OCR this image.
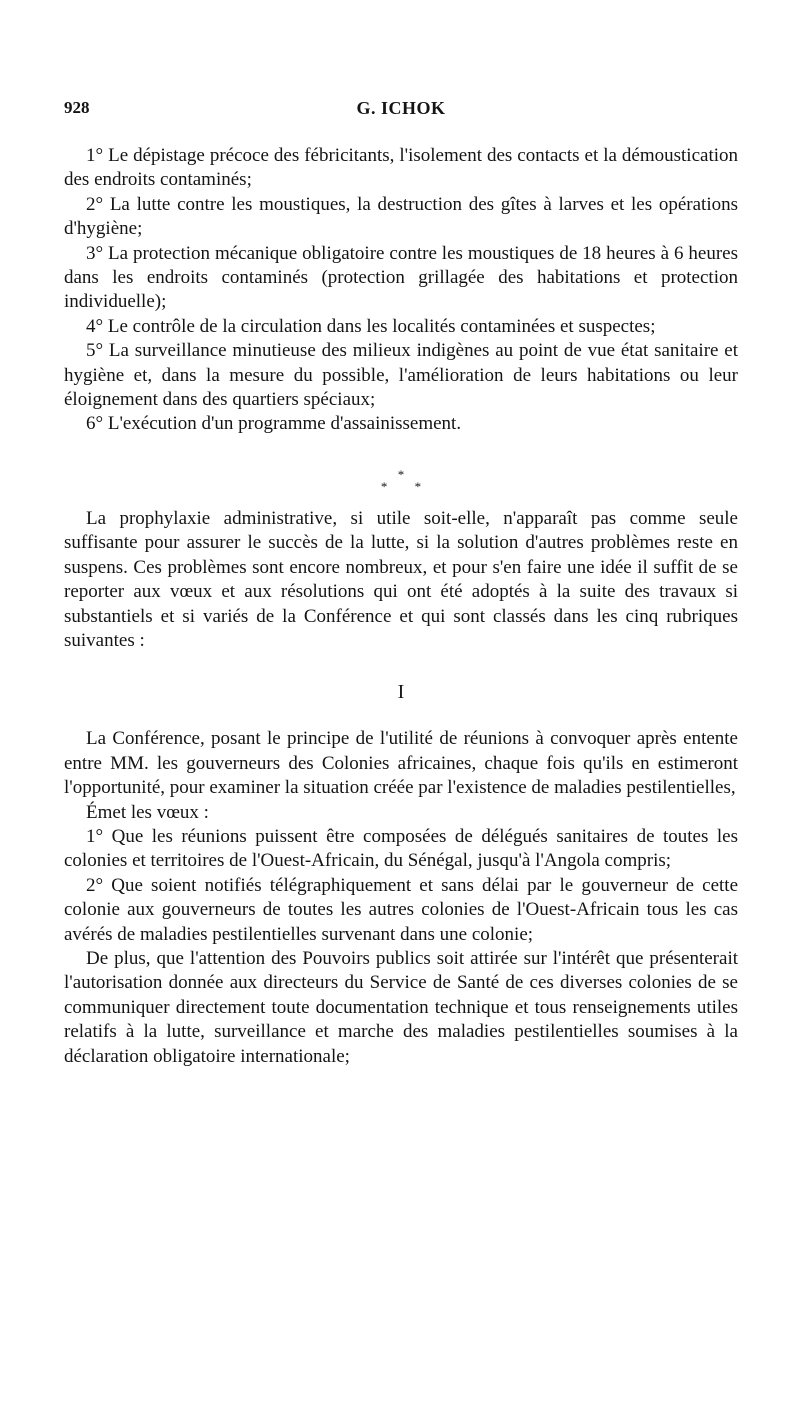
928	G. ICHOK

1° Le dépistage précoce des fébricitants, l'isolement des contacts et la démoustication des endroits contaminés;

2° La lutte contre les moustiques, la destruction des gîtes à larves et les opérations d'hygiène;

3° La protection mécanique obligatoire contre les moustiques de 18 heures à 6 heures dans les endroits contaminés (protection grillagée des habitations et protection individuelle);

4° Le contrôle de la circulation dans les localités contaminées et suspectes;

5° La surveillance minutieuse des milieux indigènes au point de vue état sanitaire et hygiène et, dans la mesure du possible, l'amélioration de leurs habitations ou leur éloignement dans des quartiers spéciaux;

6° L'exécution d'un programme d'assainissement.

*
* *

La prophylaxie administrative, si utile soit-elle, n'apparaît pas comme seule suffisante pour assurer le succès de la lutte, si la solution d'autres problèmes reste en suspens. Ces problèmes sont encore nombreux, et pour s'en faire une idée il suffit de se reporter aux vœux et aux résolutions qui ont été adoptés à la suite des travaux si substantiels et si variés de la Conférence et qui sont classés dans les cinq rubriques suivantes :

I

La Conférence, posant le principe de l'utilité de réunions à convoquer après entente entre MM. les gouverneurs des Colonies africaines, chaque fois qu'ils en estimeront l'opportunité, pour examiner la situation créée par l'existence de maladies pestilentielles,

Émet les vœux :

1° Que les réunions puissent être composées de délégués sanitaires de toutes les colonies et territoires de l'Ouest-Africain, du Sénégal, jusqu'à l'Angola compris;

2° Que soient notifiés télégraphiquement et sans délai par le gouverneur de cette colonie aux gouverneurs de toutes les autres colonies de l'Ouest-Africain tous les cas avérés de maladies pestilentielles survenant dans une colonie;

De plus, que l'attention des Pouvoirs publics soit attirée sur l'intérêt que présenterait l'autorisation donnée aux directeurs du Service de Santé de ces diverses colonies de se communiquer directement toute documentation technique et tous renseignements utiles relatifs à la lutte, surveillance et marche des maladies pestilentielles soumises à la déclaration obligatoire internationale;
